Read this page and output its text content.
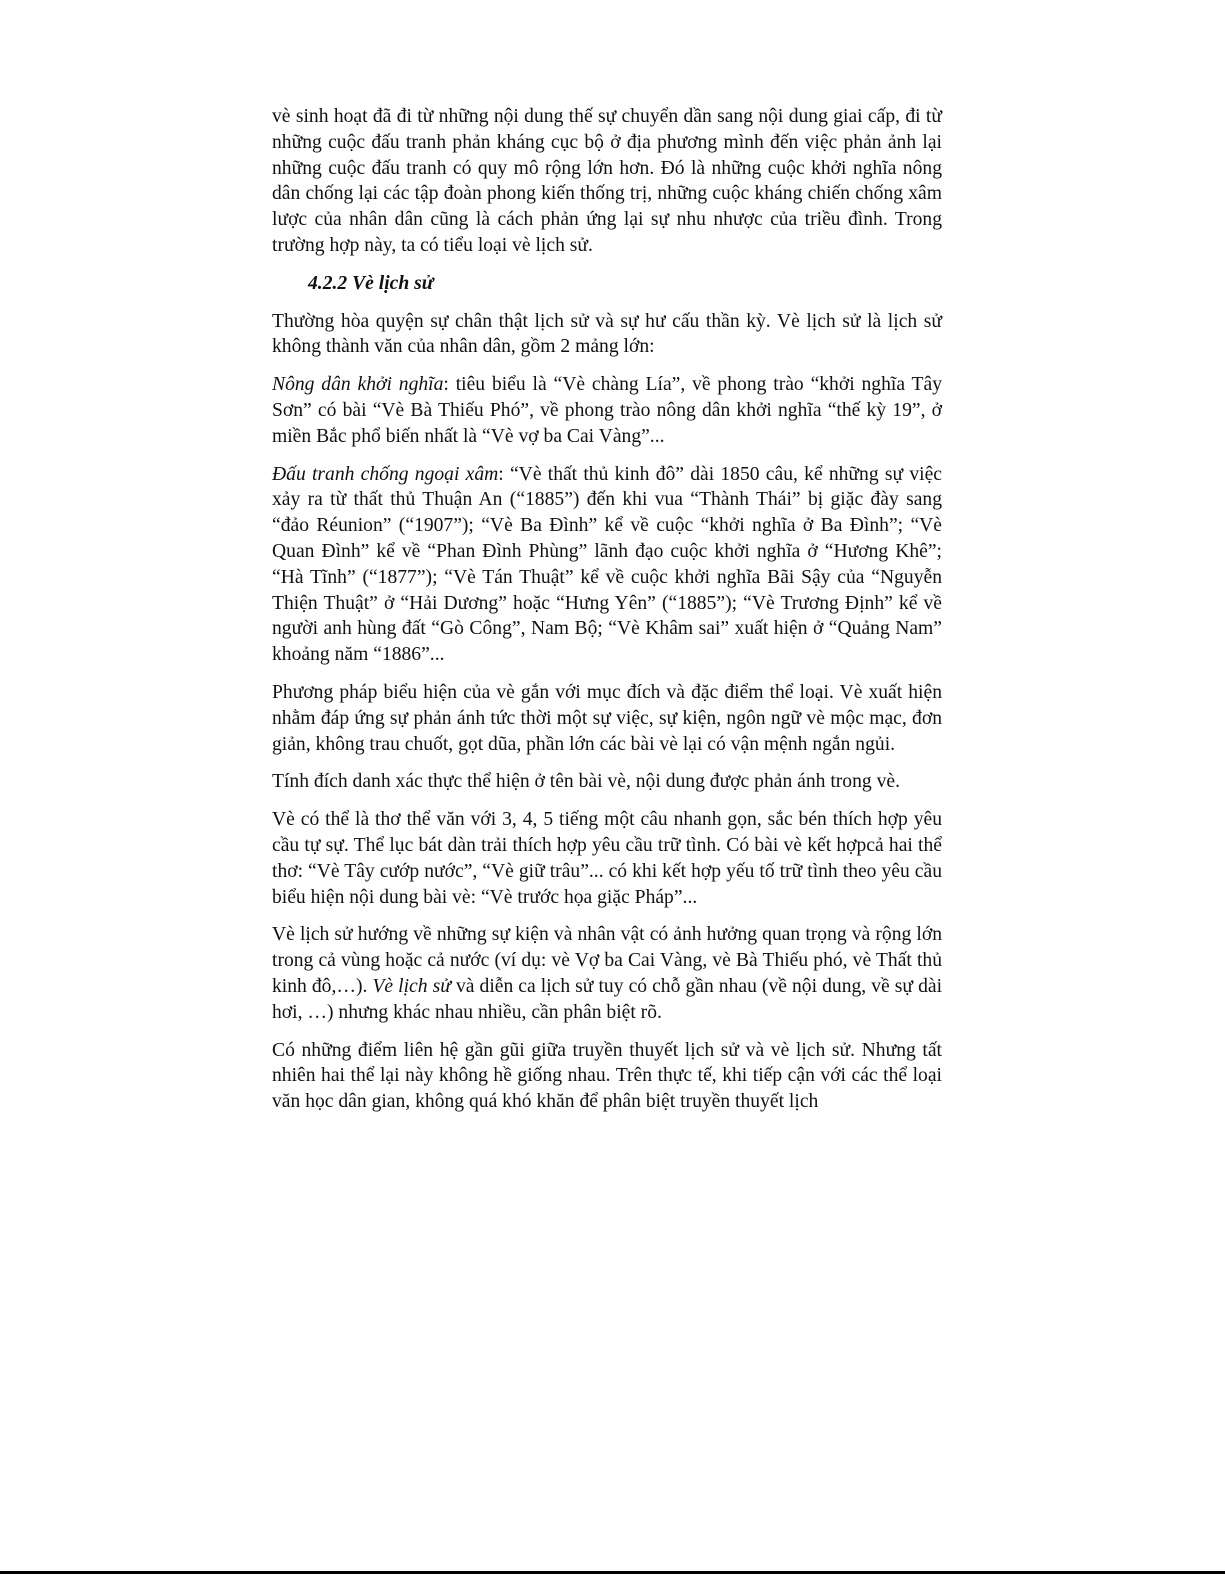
vè sinh hoạt đã đi từ những nội dung thế sự chuyển dần sang nội dung giai cấp, đi từ những cuộc đấu tranh phản kháng cục bộ ở địa phương mình đến việc phản ảnh lại những cuộc đấu tranh có quy mô rộng lớn hơn. Đó là những cuộc khởi nghĩa nông dân chống lại các tập đoàn phong kiến thống trị, những cuộc kháng chiến chống xâm lược của nhân dân cũng là cách phản ứng lại sự nhu nhược của triều đình. Trong trường hợp này, ta có tiểu loại vè lịch sử.

4.2.2 Vè lịch sử

Thường hòa quyện sự chân thật lịch sử và sự hư cấu thần kỳ. Vè lịch sử là lịch sử không thành văn của nhân dân, gồm 2 mảng lớn:

Nông dân khởi nghĩa: tiêu biểu là “Vè chàng Lía”, về phong trào “khởi nghĩa Tây Sơn” có bài “Vè Bà Thiếu Phó”, về phong trào nông dân khởi nghĩa “thế kỳ 19”, ở miền Bắc phổ biến nhất là “Vè vợ ba Cai Vàng”...

Đấu tranh chống ngoại xâm: “Vè thất thủ kinh đô” dài 1850 câu, kể những sự việc xảy ra từ thất thủ Thuận An (“1885”) đến khi vua “Thành Thái” bị giặc đày sang “đảo Réunion” (“1907”); “Vè Ba Đình” kể về cuộc “khởi nghĩa ở Ba Đình”; “Vè Quan Đình” kể về “Phan Đình Phùng” lãnh đạo cuộc khởi nghĩa ở “Hương Khê”; “Hà Tĩnh” (“1877”); “Vè Tán Thuật” kể về cuộc khởi nghĩa Bãi Sậy của “Nguyễn Thiện Thuật” ở “Hải Dương” hoặc “Hưng Yên” (“1885”); “Vè Trương Định” kể về người anh hùng đất “Gò Công”, Nam Bộ; “Vè Khâm sai” xuất hiện ở “Quảng Nam” khoảng năm “1886”...

Phương pháp biểu hiện của vè gắn với mục đích và đặc điểm thể loại. Vè xuất hiện nhằm đáp ứng sự phản ánh tức thời một sự việc, sự kiện, ngôn ngữ vè mộc mạc, đơn giản, không trau chuốt, gọt dũa, phần lớn các bài vè lại có vận mệnh ngắn ngủi.

Tính đích danh xác thực thể hiện ở tên bài vè, nội dung được phản ánh trong vè.

Vè có thể là thơ thể văn với 3, 4, 5 tiếng một câu nhanh gọn, sắc bén thích hợp yêu cầu tự sự. Thể lục bát dàn trải thích hợp yêu cầu trữ tình. Có bài vè kết hợpcả hai thể thơ: “Vè Tây cướp nước”, “Vè giữ trâu”... có khi kết hợp yếu tố trữ tình theo yêu cầu biểu hiện nội dung bài vè: “Vè trước họa giặc Pháp”...

Vè lịch sử hướng về những sự kiện và nhân vật có ảnh hưởng quan trọng và rộng lớn trong cả vùng hoặc cả nước (ví dụ: vè Vợ ba Cai Vàng, vè Bà Thiếu phó, vè Thất thủ kinh đô,…). Vè lịch sử và diễn ca lịch sử tuy có chỗ gần nhau (về nội dung, về sự dài hơi, …) nhưng khác nhau nhiều, cần phân biệt rõ.

Có những điểm liên hệ gần gũi giữa truyền thuyết lịch sử và vè lịch sử. Nhưng tất nhiên hai thể lại này không hề giống nhau. Trên thực tế, khi tiếp cận với các thể loại văn học dân gian, không quá khó khăn để phân biệt truyền thuyết lịch
